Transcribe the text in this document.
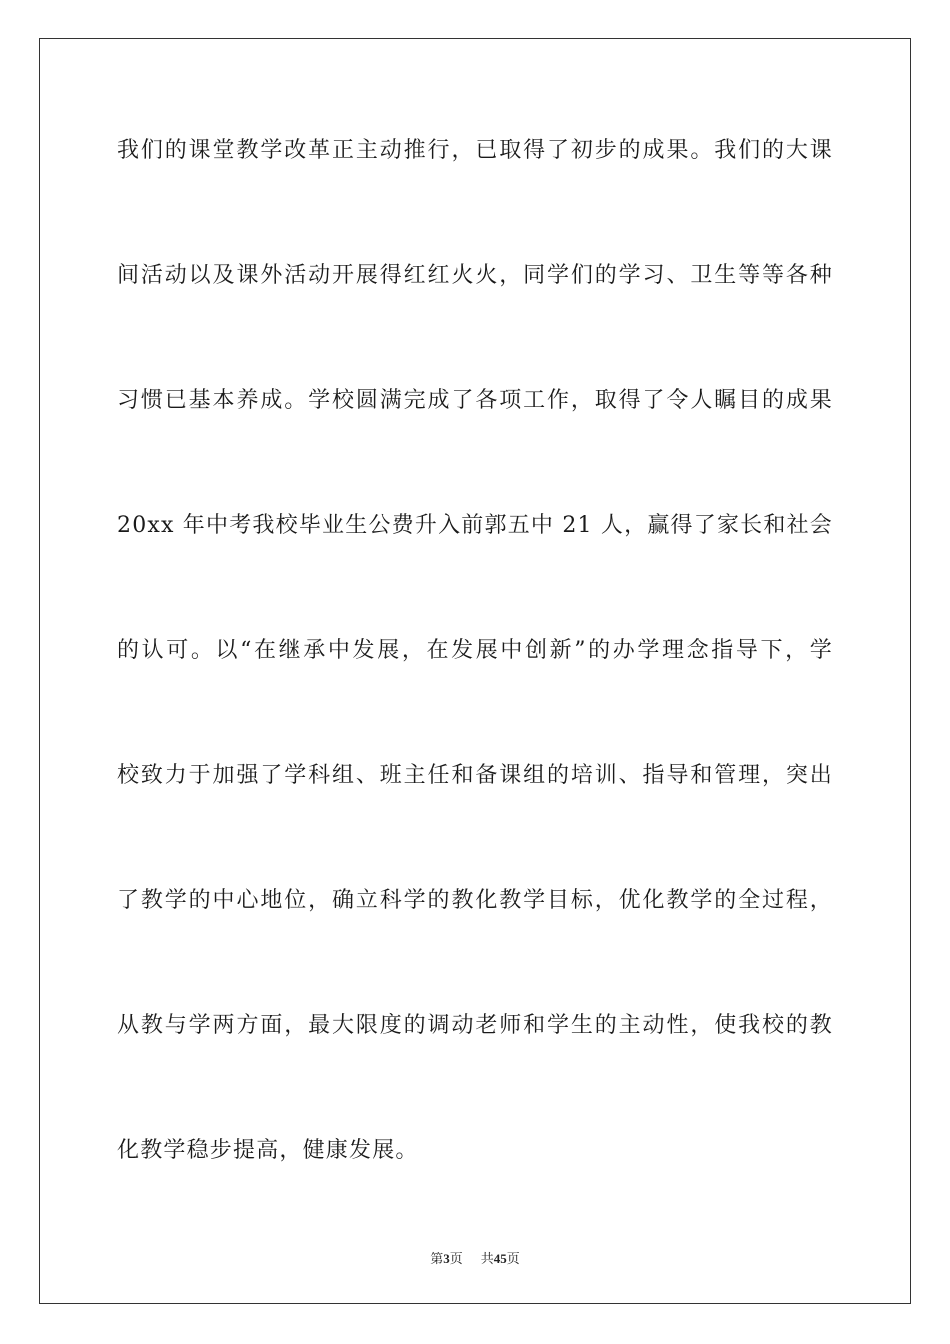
我们的课堂教学改革正主动推行，已取得了初步的成果。我们的大课
间活动以及课外活动开展得红红火火，同学们的学习、卫生等等各种
习惯已基本养成。学校圆满完成了各项工作，取得了令人瞩目的成果
20xx 年中考我校毕业生公费升入前郭五中 21 人，赢得了家长和社会
的认可。以“在继承中发展，在发展中创新”的办学理念指导下，学
校致力于加强了学科组、班主任和备课组的培训、指导和管理，突出
了教学的中心地位，确立科学的教化教学目标，优化教学的全过程，
从教与学两方面，最大限度的调动老师和学生的主动性，使我校的教
化教学稳步提高，健康发展。
第3页 共45页
